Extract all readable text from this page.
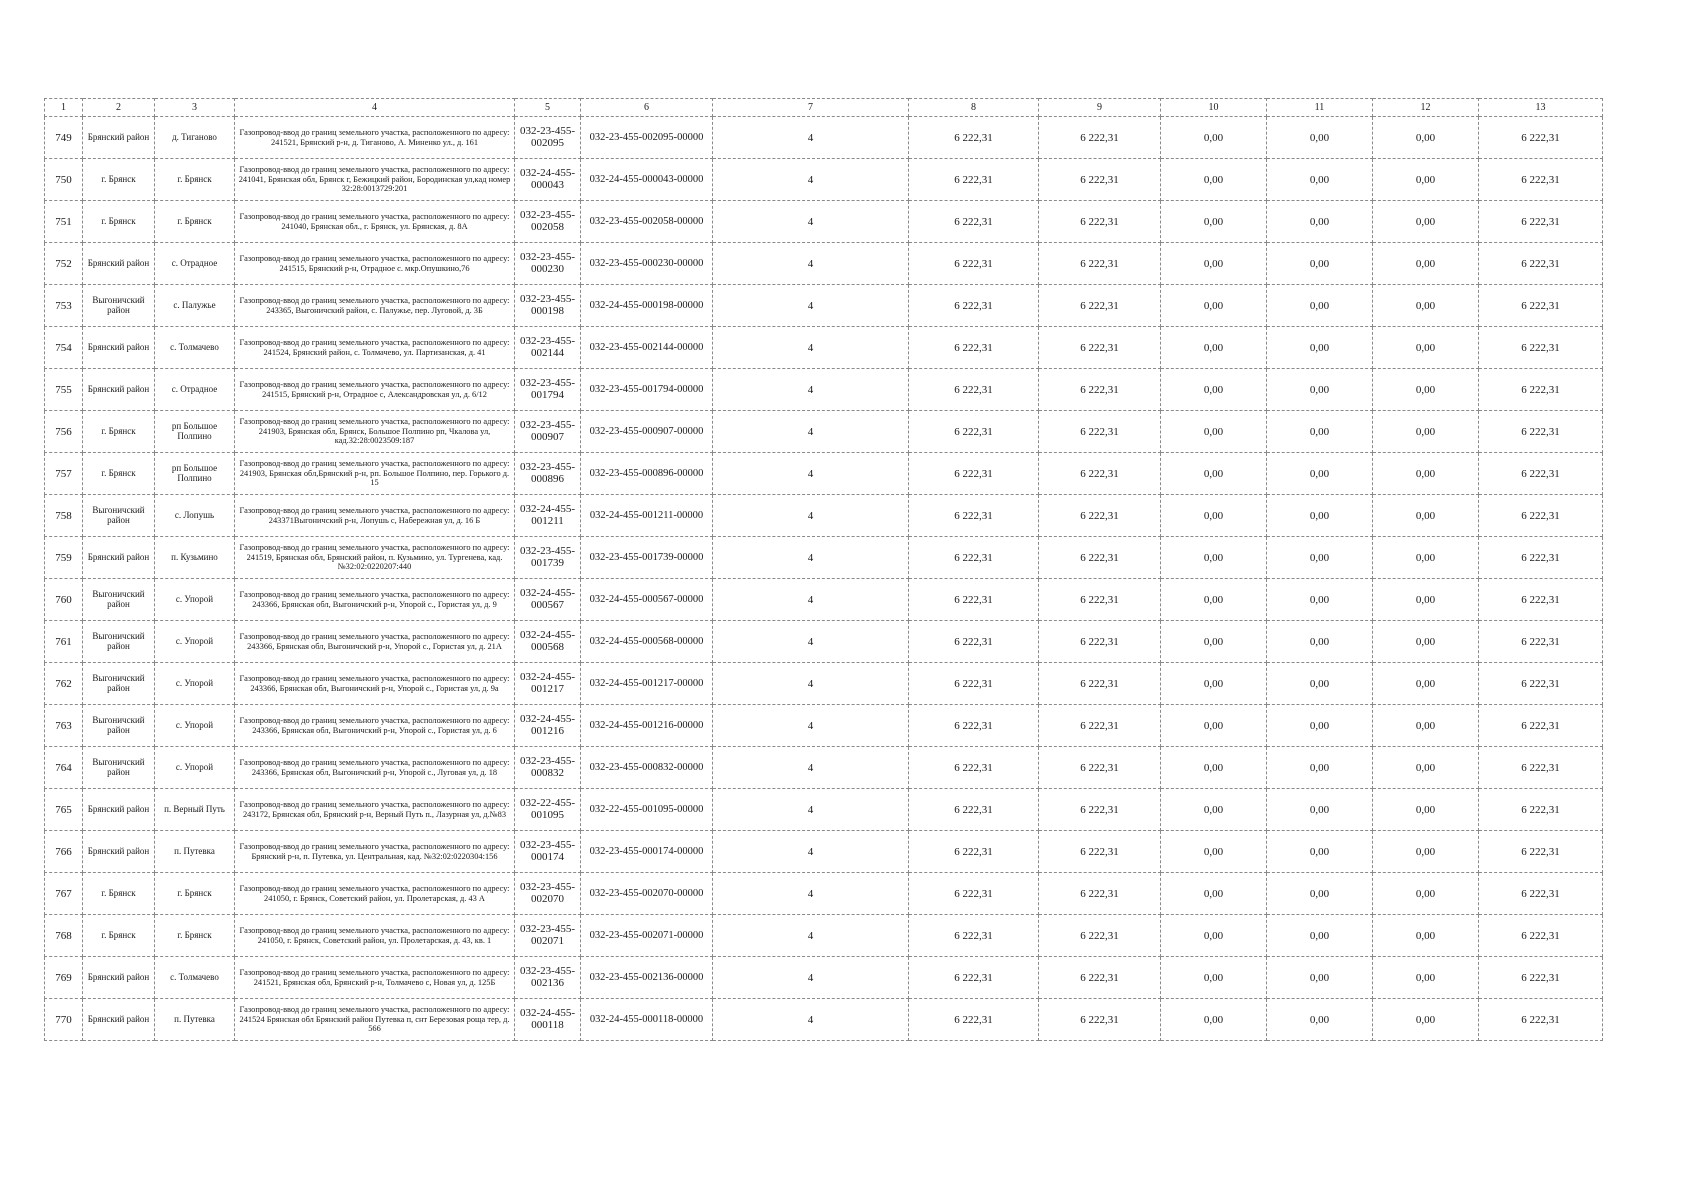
1	2	3	4	5	6	7	8	9	10	11	12	13
749	Брянский район	д. Тиганово	Газопровод-ввод до границ земельного участка, расположенного по адресу: 241521, Брянский р-н, д. Тиганово, А. Миненко ул., д. 161	032-23-455-002095	032-23-455-002095-00000	4	6 222,31	6 222,31	0,00	0,00	0,00	6 222,31
750	г. Брянск	г. Брянск	Газопровод-ввод до границ земельного участка, расположенного по адресу: 241041, Брянская обл, Брянск г, Бежицкий район, Бородинская ул,кад номер 32:28:0013729:201	032-24-455-000043	032-24-455-000043-00000	4	6 222,31	6 222,31	0,00	0,00	0,00	6 222,31
751	г. Брянск	г. Брянск	Газопровод-ввод до границ земельного участка, расположенного по адресу: 241040, Брянская обл., г. Брянск, ул. Брянская, д. 8А	032-23-455-002058	032-23-455-002058-00000	4	6 222,31	6 222,31	0,00	0,00	0,00	6 222,31
752	Брянский район	с. Отрадное	Газопровод-ввод до границ земельного участка, расположенного по адресу: 241515, Брянский р-н, Отрадное с. мкр.Опушкино,76	032-23-455-000230	032-23-455-000230-00000	4	6 222,31	6 222,31	0,00	0,00	0,00	6 222,31
753	Выгоничский район	с. Палужье	Газопровод-ввод до границ земельного участка, расположенного по адресу: 243365, Выгоничский район, с. Палужье, пер. Луговой, д. 3Б	032-23-455-000198	032-24-455-000198-00000	4	6 222,31	6 222,31	0,00	0,00	0,00	6 222,31
754	Брянский район	с. Толмачево	Газопровод-ввод до границ земельного участка, расположенного по адресу: 241524, Брянский район, с. Толмачево, ул. Партизанская, д. 41	032-23-455-002144	032-23-455-002144-00000	4	6 222,31	6 222,31	0,00	0,00	0,00	6 222,31
755	Брянский район	с. Отрадное	Газопровод-ввод до границ земельного участка, расположенного по адресу: 241515, Брянский р-н, Отрадное с, Александровская ул, д. 6/12	032-23-455-001794	032-23-455-001794-00000	4	6 222,31	6 222,31	0,00	0,00	0,00	6 222,31
756	г. Брянск	рп Большое Полпино	Газопровод-ввод до границ земельного участка, расположенного по адресу: 241903, Брянская обл, Брянск, Большое Полпино рп, Чкалова ул, кад.32:28:0023509:187	032-23-455-000907	032-23-455-000907-00000	4	6 222,31	6 222,31	0,00	0,00	0,00	6 222,31
757	г. Брянск	рп Большое Полпино	Газопровод-ввод до границ земельного участка, расположенного по адресу: 241903, Брянская обл,Брянский р-н, рп. Большое Полпино, пер. Горького д. 15	032-23-455-000896	032-23-455-000896-00000	4	6 222,31	6 222,31	0,00	0,00	0,00	6 222,31
758	Выгоничский район	с. Лопушь	Газопровод-ввод до границ земельного участка, расположенного по адресу: 243371Выгоничский р-н, Лопушь с, Набережная ул, д. 16 Б	032-24-455-001211	032-24-455-001211-00000	4	6 222,31	6 222,31	0,00	0,00	0,00	6 222,31
759	Брянский район	п. Кузьмино	Газопровод-ввод до границ земельного участка, расположенного по адресу: 241519, Брянская обл, Брянский район, п. Кузьмино, ул. Тургенева, кад. №32:02:0220207:440	032-23-455-001739	032-23-455-001739-00000	4	6 222,31	6 222,31	0,00	0,00	0,00	6 222,31
760	Выгоничский район	с. Упорой	Газопровод-ввод до границ земельного участка, расположенного по адресу: 243366, Брянская обл, Выгоничский р-н, Упорой с., Гористая ул, д. 9	032-24-455-000567	032-24-455-000567-00000	4	6 222,31	6 222,31	0,00	0,00	0,00	6 222,31
761	Выгоничский район	с. Упорой	Газопровод-ввод до границ земельного участка, расположенного по адресу: 243366, Брянская обл, Выгоничский р-н, Упорой с., Гористая ул, д. 21А	032-24-455-000568	032-24-455-000568-00000	4	6 222,31	6 222,31	0,00	0,00	0,00	6 222,31
762	Выгоничский район	с. Упорой	Газопровод-ввод до границ земельного участка, расположенного по адресу: 243366, Брянская обл, Выгоничский р-н, Упорой с., Гористая ул, д. 9а	032-24-455-001217	032-24-455-001217-00000	4	6 222,31	6 222,31	0,00	0,00	0,00	6 222,31
763	Выгоничский район	с. Упорой	Газопровод-ввод до границ земельного участка, расположенного по адресу: 243366, Брянская обл, Выгоничский р-н, Упорой с., Гористая ул, д. 6	032-24-455-001216	032-24-455-001216-00000	4	6 222,31	6 222,31	0,00	0,00	0,00	6 222,31
764	Выгоничский район	с. Упорой	Газопровод-ввод до границ земельного участка, расположенного по адресу: 243366, Брянская обл, Выгоничский р-н, Упорой с., Луговая ул, д. 18	032-23-455-000832	032-23-455-000832-00000	4	6 222,31	6 222,31	0,00	0,00	0,00	6 222,31
765	Брянский район	п. Верный Путь	Газопровод-ввод до границ земельного участка, расположенного по адресу: 243172, Брянская обл, Брянский р-н, Верный Путь п., Лазурная ул, д.№83	032-22-455-001095	032-22-455-001095-00000	4	6 222,31	6 222,31	0,00	0,00	0,00	6 222,31
766	Брянский район	п. Путевка	Газопровод-ввод до границ земельного участка, расположенного по адресу: Брянский р-н, п. Путевка, ул. Центральная, кад. №32:02:0220304:156	032-23-455-000174	032-23-455-000174-00000	4	6 222,31	6 222,31	0,00	0,00	0,00	6 222,31
767	г. Брянск	г. Брянск	Газопровод-ввод до границ земельного участка, расположенного по адресу: 241050, г. Брянск, Советский район, ул. Пролетарская, д. 43 А	032-23-455-002070	032-23-455-002070-00000	4	6 222,31	6 222,31	0,00	0,00	0,00	6 222,31
768	г. Брянск	г. Брянск	Газопровод-ввод до границ земельного участка, расположенного по адресу: 241050, г. Брянск, Советский район, ул. Пролетарская, д. 43, кв. 1	032-23-455-002071	032-23-455-002071-00000	4	6 222,31	6 222,31	0,00	0,00	0,00	6 222,31
769	Брянский район	с. Толмачево	Газопровод-ввод до границ земельного участка, расположенного по адресу: 241521, Брянская обл, Брянский р-н, Толмачево с, Новая ул, д. 125Б	032-23-455-002136	032-23-455-002136-00000	4	6 222,31	6 222,31	0,00	0,00	0,00	6 222,31
770	Брянский район	п. Путевка	Газопровод-ввод до границ земельного участка, расположенного по адресу: 241524 Брянская обл Брянский район Путевка п, снт Березовая роща тер, д. 566	032-24-455-000118	032-24-455-000118-00000	4	6 222,31	6 222,31	0,00	0,00	0,00	6 222,31
